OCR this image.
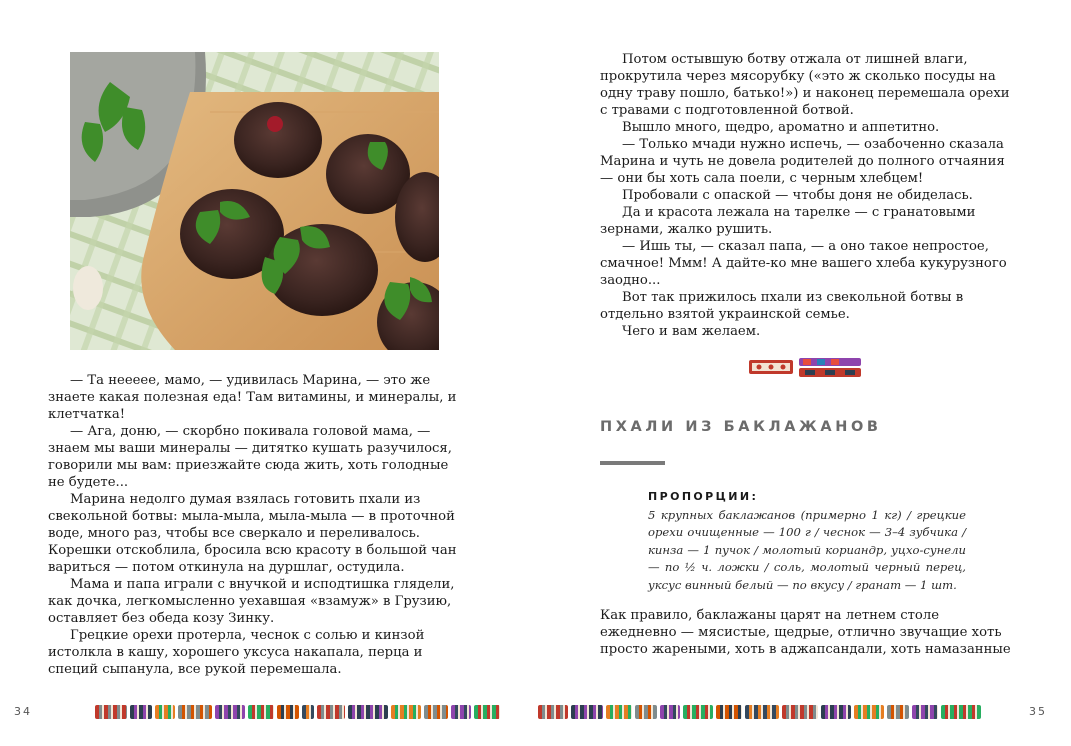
— Та нееeee, мамо, — удивилась Марина, — это же знаете какая полезная еда! Там витамины, и минералы, и клетчатка!

— Ага, доню, — скорбно покивала головой мама, — знаем мы ваши минералы — дитятко кушать разучилося, говорили мы вам: приезжайте сюда жить, хоть голодные не будете...

Марина недолго думая взялась готовить пхали из свекольной ботвы: мыла-мыла, мыла-мыла — в проточной воде, много раз, чтобы все сверкало и переливалось. Корешки отскоблила, бросила всю красоту в большой чан вариться — потом откинула на дуршлаг, остудила.

Мама и папа играли с внучкой и исподтишка глядели, как дочка, легкомысленно уехавшая «взамуж» в Грузию, оставляет без обеда козу Зинку.

Грецкие орехи протерла, чеснок с солью и кинзой истолкла в кашу, хорошего уксуса накапала, перца и специй сыпанула, все рукой перемешала.

Потом остывшую ботву отжала от лишней влаги, прокрутила через мясорубку («это ж сколько посуды на одну траву пошло, батько!») и наконец перемешала орехи с травами с подготовленной ботвой.

Вышло много, щедро, ароматно и аппетитно.

— Только мчади нужно испечь, — озабоченно сказала Марина и чуть не довела родителей до полного отчаяния — они бы хоть сала поели, с черным хлебцем!

Пробовали с опаской — чтобы доня не обиделась.

Да и красота лежала на тарелке — с гранатовыми зернами, жалко рушить.

— Ишь ты, — сказал папа, — а оно такое непростое, смачное! Ммм! А дайте-ко мне вашего хлеба кукурузного заодно...

Вот так прижилось пхали из свекольной ботвы в отдельно взятой украинской семье.

Чего и вам желаем.

ПХАЛИ ИЗ БАКЛАЖАНОВ
ПРОПОРЦИИ:
5 крупных баклажанов (примерно 1 кг) / грецкие орехи очищенные — 100 г / чеснок — 3–4 зубчика / кинза — 1 пучок / молотый кориандр, уцхо-сунели — по ½ ч. ложки / соль, молотый черный перец, уксус винный белый — по вкусу / гранат — 1 шт.
Как правило, баклажаны царят на летнем столе ежедневно — мясистые, щедрые, отлично звучащие хоть просто жареными, хоть в аджапсандали, хоть намазанные
34	35
